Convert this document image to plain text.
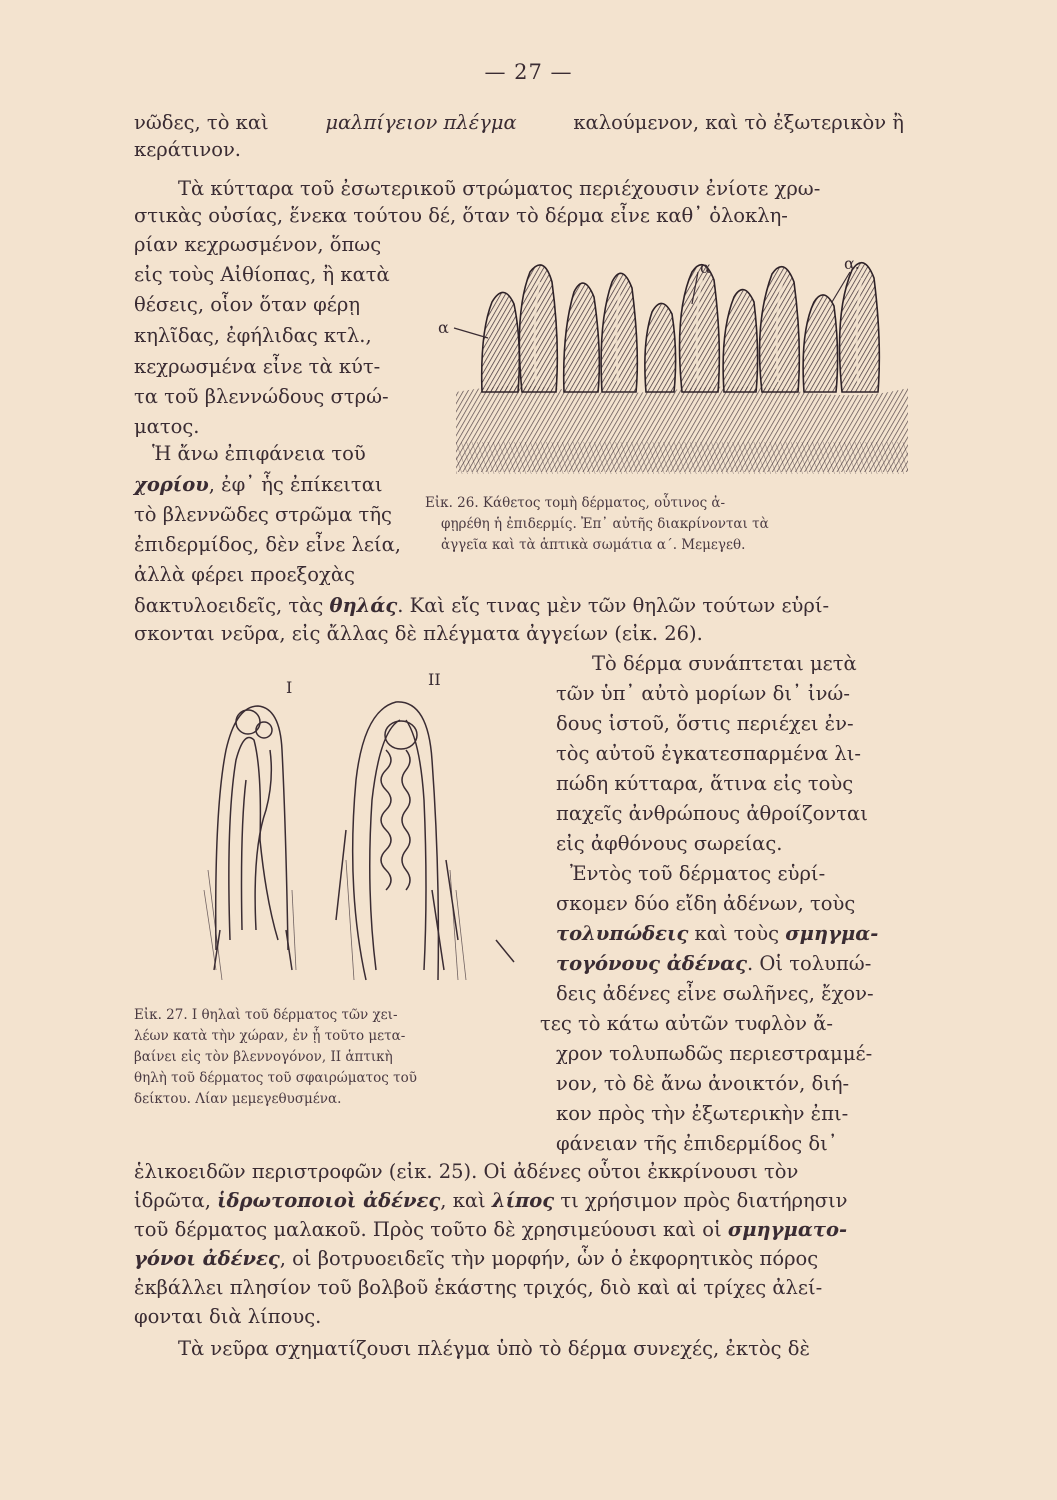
— 27 —
νῶδες, τὸ καὶ	μαλπίγειον πλέγμα	καλούμενον, καὶ τὸ ἐξωτερικὸν ἢ
κεράτινον.
Τὰ κύτταρα τοῦ ἐσωτερικοῦ στρώματος περιέχουσιν ἐνίοτε χρω-
στικὰς οὐσίας, ἕνεκα τούτου δέ, ὅταν τὸ δέρμα εἶνε καθ᾿ ὁλοκλη-
ρίαν κεχρωσμένον, ὅπως
εἰς τοὺς Αἰθίοπας, ἢ κατὰ
θέσεις, οἷον ὅταν φέρῃ
κηλῖδας, ἐφήλιδας κτλ.,
κεχρωσμένα εἶνε τὰ κύτ-
τα τοῦ βλεννώδους στρώ-
ματος.
Ἡ ἄνω ἐπιφάνεια τοῦ
χορίου, ἐφ᾿ ἧς ἐπίκειται
τὸ βλεννῶδες στρῶμα τῆς
ἐπιδερμίδος, δὲν εἶνε λεία,
ἀλλὰ φέρει προεξοχὰς
α
α	α.
Εἰκ. 26. Κάθετος τομὴ δέρματος, οὗτινος ἀ-
φῃρέθη ἡ ἐπιδερμίς. Ἐπ᾿ αὐτῆς διακρίνονται τὰ
ἀγγεῖα καὶ τὰ ἁπτικὰ σωμάτια α΄. Μεμεγεθ.
δακτυλοειδεῖς, τὰς θηλάς. Καὶ εἴς τινας μὲν τῶν θηλῶν τούτων εὑρί-
σκονται νεῦρα, εἰς ἄλλας δὲ πλέγματα ἀγγείων (εἰκ. 26).
Τὸ δέρμα συνάπτεται μετὰ
τῶν ὑπ᾿ αὐτὸ μορίων δι᾿ ἰνώ-
δους ἱστοῦ, ὅστις περιέχει ἐν-
τὸς αὐτοῦ ἐγκατεσπαρμένα λι-
πώδη κύτταρα, ἅτινα εἰς τοὺς
παχεῖς ἀνθρώπους ἀθροίζονται
εἰς ἀφθόνους σωρείας.
Ἐντὸς τοῦ δέρματος εὑρί-
σκομεν δύο εἴδη ἀδένων, τοὺς
τολυπώδεις καὶ τοὺς σμηγμα-
τογόνους ἀδένας. Οἱ τολυπώ-
δεις ἀδένες εἶνε σωλῆνες, ἔχον-
τες τὸ κάτω αὐτῶν τυφλὸν ἄ-
χρον τολυπωδῶς περιεστραμμέ-
νον, τὸ δὲ ἄνω ἀνοικτόν, διή-
κον πρὸς τὴν ἐξωτερικὴν ἐπι-
φάνειαν τῆς ἐπιδερμίδος δι᾿
I	II
Εἰκ. 27. I θηλαὶ τοῦ δέρματος τῶν χει-
λέων κατὰ τὴν χώραν, ἐν ᾗ τοῦτο μετα-
βαίνει εἰς τὸν βλεννογόνον, II ἁπτικὴ
θηλὴ τοῦ δέρματος τοῦ σφαιρώματος τοῦ
δείκτου. Λίαν μεμεγεθυσμένα.
ἑλικοειδῶν περιστροφῶν (εἰκ. 25). Οἱ ἀδένες οὗτοι ἐκκρίνουσι τὸν
ἱδρῶτα, ἱδρωτοποιοὶ ἀδένες, καὶ λίπος τι χρήσιμον πρὸς διατήρησιν
τοῦ δέρματος μαλακοῦ. Πρὸς τοῦτο δὲ χρησιμεύουσι καὶ οἱ σμηγματο-
γόνοι ἀδένες, οἱ βοτρυοειδεῖς τὴν μορφήν, ὧν ὁ ἐκφορητικὸς πόρος
ἐκβάλλει πλησίον τοῦ βολβοῦ ἑκάστης τριχός, διὸ καὶ αἱ τρίχες ἀλεί-
φονται διὰ λίπους.
Τὰ νεῦρα σχηματίζουσι πλέγμα ὑπὸ τὸ δέρμα συνεχές, ἐκτὸς δὲ
